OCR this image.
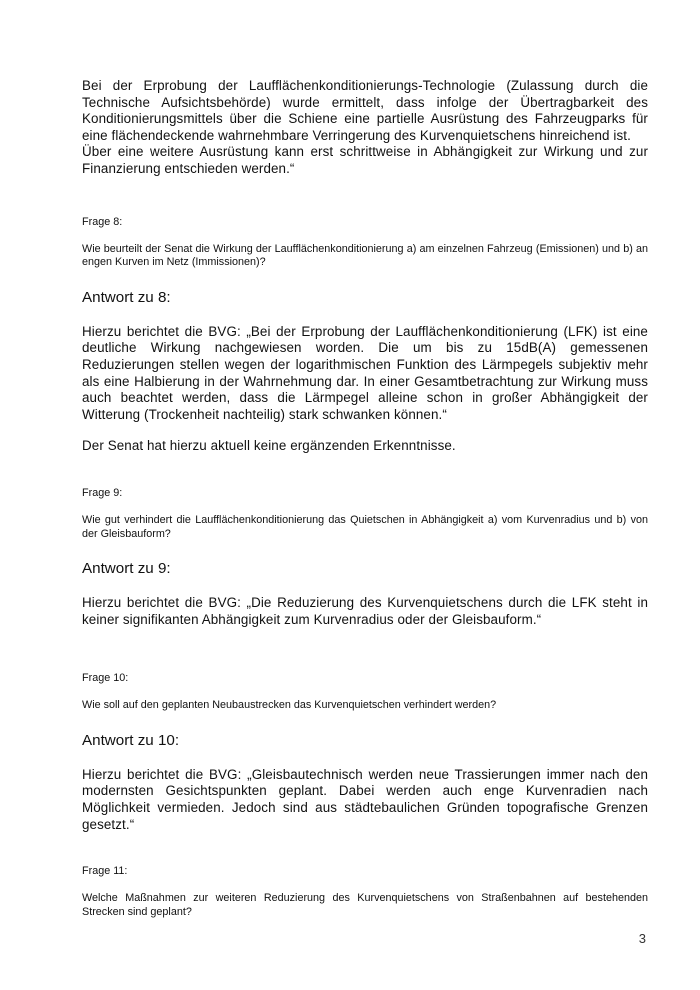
Bei der Erprobung der Laufflächenkonditionierungs-Technologie (Zulassung durch die Technische Aufsichtsbehörde) wurde ermittelt, dass infolge der Übertragbarkeit des Konditionierungsmittels über die Schiene eine partielle Ausrüstung des Fahrzeugparks für eine flächendeckende wahrnehmbare Verringerung des Kurvenquietschens hinreichend ist.

Über eine weitere Ausrüstung kann erst schrittweise in Abhängigkeit zur Wirkung und zur Finanzierung entschieden werden.“

Frage 8:

Wie beurteilt der Senat die Wirkung der Laufflächenkonditionierung a) am einzelnen Fahrzeug (Emissionen) und b) an engen Kurven im Netz (Immissionen)?

Antwort zu 8:

Hierzu berichtet die BVG: „Bei der Erprobung der Laufflächenkonditionierung (LFK) ist eine deutliche Wirkung nachgewiesen worden. Die um bis zu 15dB(A) gemessenen Reduzierungen stellen wegen der logarithmischen Funktion des Lärmpegels subjektiv mehr als eine Halbierung in der Wahrnehmung dar. In einer Gesamtbetrachtung zur Wirkung muss auch beachtet werden, dass die Lärmpegel alleine schon in großer Abhängigkeit der Witterung (Trockenheit nachteilig) stark schwanken können.“

Der Senat hat hierzu aktuell keine ergänzenden Erkenntnisse.

Frage 9:

Wie gut verhindert die Laufflächenkonditionierung das Quietschen in Abhängigkeit a) vom Kurvenradius und b) von der Gleisbauform?

Antwort zu 9:

Hierzu berichtet die BVG: „Die Reduzierung des Kurvenquietschens durch die LFK steht in keiner signifikanten Abhängigkeit zum Kurvenradius oder der Gleisbauform.“

Frage 10:

Wie soll auf den geplanten Neubaustrecken das Kurvenquietschen verhindert werden?

Antwort zu 10:

Hierzu berichtet die BVG: „Gleisbautechnisch werden neue Trassierungen immer nach den modernsten Gesichtspunkten geplant. Dabei werden auch enge Kurvenradien nach Möglichkeit vermieden. Jedoch sind aus städtebaulichen Gründen topografische Grenzen gesetzt.“

Frage 11:

Welche Maßnahmen zur weiteren Reduzierung des Kurvenquietschens von Straßenbahnen auf bestehenden Strecken sind geplant?

3
